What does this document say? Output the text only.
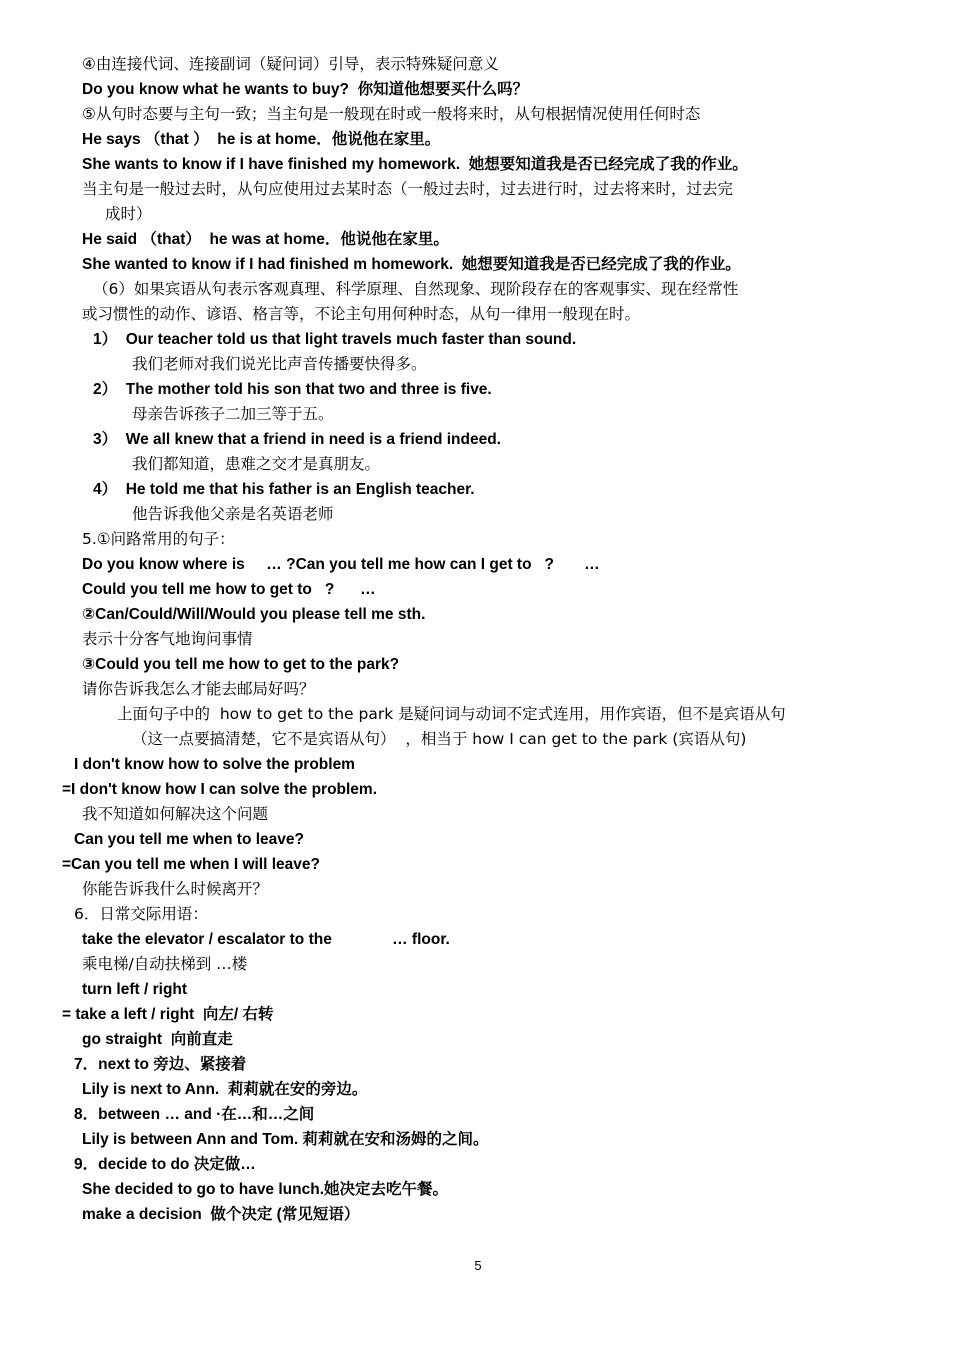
④由连接代词、连接副词（疑问词）引导，表示特殊疑问意义
Do you know what he wants to buy?  你知道他想要买什么吗？
⑤从句时态要与主句一致；当主句是一般现在时或一般将来时，从句根据情况使用任何时态
He says （that ）  he is at home．他说他在家里。
She wants to know if I have finished my homework.  她想要知道我是否已经完成了我的作业。
当主句是一般过去时，从句应使用过去某时态（一般过去时，过去进行时，过去将来时，过去完
成时）
He said （that）  he was at home．他说他在家里。
She wanted to know if I had finished m homework.  她想要知道我是否已经完成了我的作业。
（6）如果宾语从句表示客观真理、科学原理、自然现象、现阶段存在的客观事实、现在经常性
或习惯性的动作、谚语、格言等，不论主句用何种时态，从句一律用一般现在时。
1）  Our teacher told us that light travels much faster than sound.
我们老师对我们说光比声音传播要快得多。
2）  The mother told his son that two and three is five.
母亲告诉孩子二加三等于五。
3）  We all knew that a friend in need is a friend indeed.
我们都知道，患难之交才是真朋友。
4）  He told me that his father is an English teacher.
他告诉我他父亲是名英语老师
5.①问路常用的句子：
Do you know where is     … ?Can you tell me how can I get to   ?       …
Could you tell me how to get to   ?      …
②Can/Could/Will/Would you please tell me sth.
表示十分客气地询问事情
③Could you tell me how to get to the park?
请你告诉我怎么才能去邮局好吗？
上面句子中的  how to get to the park 是疑问词与动词不定式连用，用作宾语，但不是宾语从句
（这一点要搞清楚，它不是宾语从句）  ，相当于 how I can get to the park (宾语从句)
I don't know how to solve the problem
=I don't know how I can solve the problem.
我不知道如何解决这个问题
Can you tell me when to leave?
=Can you tell me when I will leave?
你能告诉我什么时候离开？
6．日常交际用语：
take the elevator / escalator to the              … floor.
乘电梯/自动扶梯到 …楼
turn left / right
= take a left / right  向左/ 右转
go straight  向前直走
7．next to 旁边、紧接着
Lily is next to Ann.  莉莉就在安的旁边。
8．between … and ·在…和…之间
Lily is between Ann and Tom. 莉莉就在安和汤姆的之间。
9．decide to do 决定做…
She decided to go to have lunch.她决定去吃午餐。
make a decision  做个决定 (常见短语）
5
